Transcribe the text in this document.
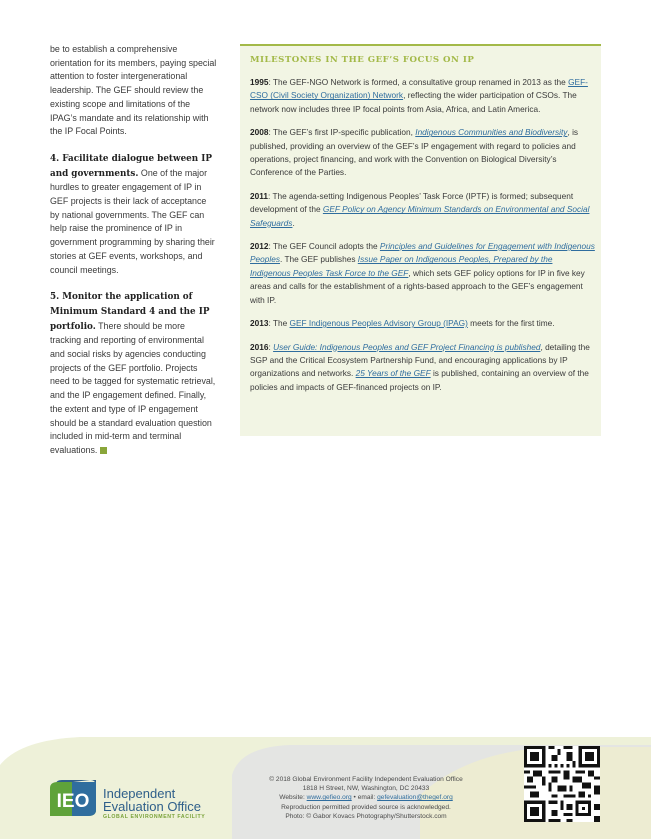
be to establish a comprehensive orientation for its members, paying special attention to foster intergenerational leadership. The GEF should review the existing scope and limitations of the IPAG’s mandate and its relationship with the IP Focal Points.

4. Facilitate dialogue between IP and governments. One of the major hurdles to greater engagement of IP in GEF projects is their lack of acceptance by national governments. The GEF can help raise the prominence of IP in government programming by sharing their stories at GEF events, workshops, and council meetings.

5. Monitor the application of Minimum Standard 4 and the IP portfolio. There should be more tracking and reporting of environmental and social risks by agencies conducting projects of the GEF portfolio. Projects need to be tagged for systematic retrieval, and the IP engagement defined. Finally, the extent and type of IP engagement should be a standard evaluation question included in mid-term and terminal evaluations.

MILESTONES IN THE GEF’S FOCUS ON IP
1995: The GEF-NGO Network is formed, a consultative group renamed in 2013 as the GEF-CSO (Civil Society Organization) Network, reflecting the wider participation of CSOs. The network now includes three IP focal points from Asia, Africa, and Latin America.
2008: The GEF’s first IP-specific publication, Indigenous Communities and Biodiversity, is published, providing an overview of the GEF’s IP engagement with regard to policies and operations, project financing, and work with the Convention on Biological Diversity’s Conference of the Parties.
2011: The agenda-setting Indigenous Peoples’ Task Force (IPTF) is formed; subsequent development of the GEF Policy on Agency Minimum Standards on Environmental and Social Safeguards.
2012: The GEF Council adopts the Principles and Guidelines for Engagement with Indigenous Peoples. The GEF publishes Issue Paper on Indigenous Peoples, Prepared by the Indigenous Peoples Task Force to the GEF, which sets GEF policy options for IP in five key areas and calls for the establishment of a rights-based approach to the GEF’s engagement with IP.
2013: The GEF Indigenous Peoples Advisory Group (IPAG) meets for the first time.
2016: User Guide: Indigenous Peoples and GEF Project Financing is published, detailing the SGP and the Critical Ecosystem Partnership Fund, and encouraging applications by IP organizations and networks. 25 Years of the GEF is published, containing an overview of the policies and impacts of GEF-financed projects on IP.
IEO Independent
Evaluation Office
GLOBAL ENVIRONMENT FACILITY
© 2018 Global Environment Facility Independent Evaluation Office
1818 H Street, NW, Washington, DC 20433
Website: www.gefieo.org • email: gefevaluation@thegef.org
Reproduction permitted provided source is acknowledged.
Photo: © Gabor Kovacs Photography/Shutterstock.com
